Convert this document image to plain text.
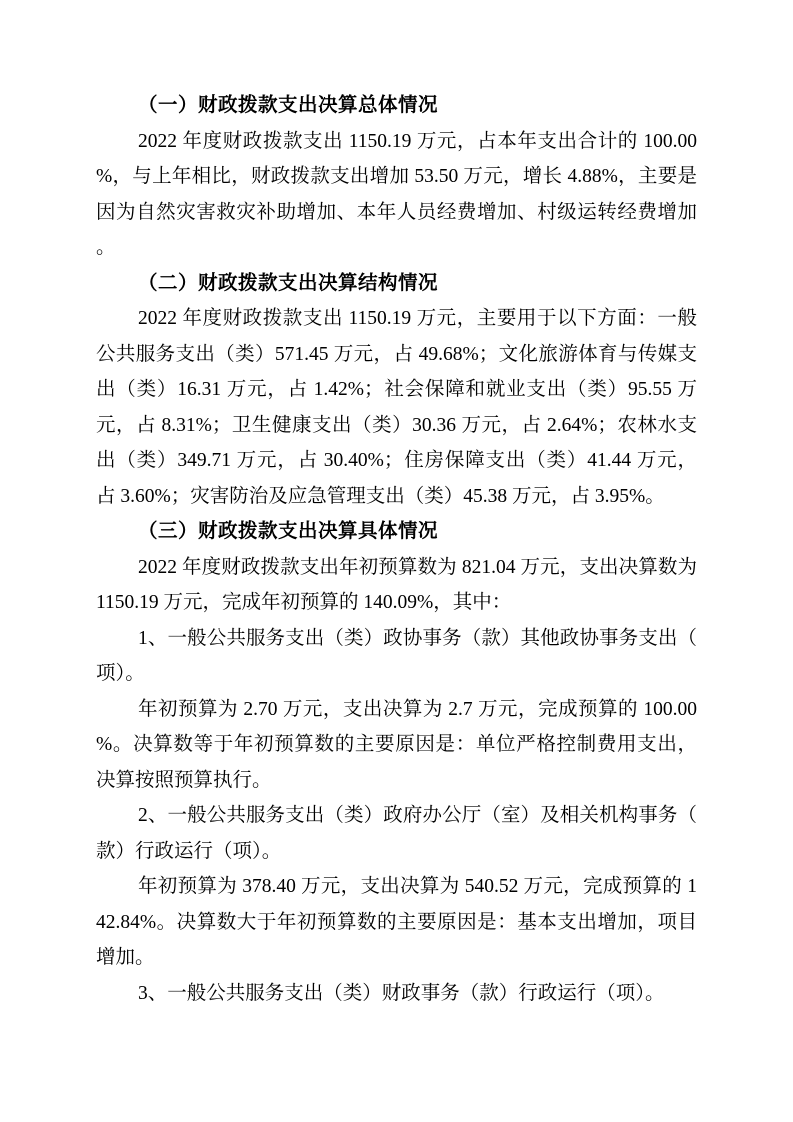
（一）财政拨款支出决算总体情况

2022 年度财政拨款支出 1150.19 万元，占本年支出合计的 100.00%，与上年相比，财政拨款支出增加 53.50 万元，增长 4.88%，主要是因为自然灾害救灾补助增加、本年人员经费增加、村级运转经费增加。

（二）财政拨款支出决算结构情况

2022 年度财政拨款支出 1150.19 万元，主要用于以下方面：一般公共服务支出（类）571.45 万元，占 49.68%；文化旅游体育与传媒支出（类）16.31 万元，占 1.42%；社会保障和就业支出（类）95.55 万元，占 8.31%；卫生健康支出（类）30.36 万元，占 2.64%；农林水支出（类）349.71 万元，占 30.40%；住房保障支出（类）41.44 万元，占 3.60%；灾害防治及应急管理支出（类）45.38 万元，占 3.95%。

（三）财政拨款支出决算具体情况

2022 年度财政拨款支出年初预算数为 821.04 万元，支出决算数为 1150.19 万元，完成年初预算的 140.09%，其中：

1、一般公共服务支出（类）政协事务（款）其他政协事务支出（项）。

年初预算为 2.70 万元，支出决算为 2.7 万元，完成预算的 100.00%。决算数等于年初预算数的主要原因是：单位严格控制费用支出，决算按照预算执行。

2、一般公共服务支出（类）政府办公厅（室）及相关机构事务（款）行政运行（项）。

年初预算为 378.40 万元，支出决算为 540.52 万元，完成预算的 142.84%。决算数大于年初预算数的主要原因是：基本支出增加，项目增加。

3、一般公共服务支出（类）财政事务（款）行政运行（项）。
